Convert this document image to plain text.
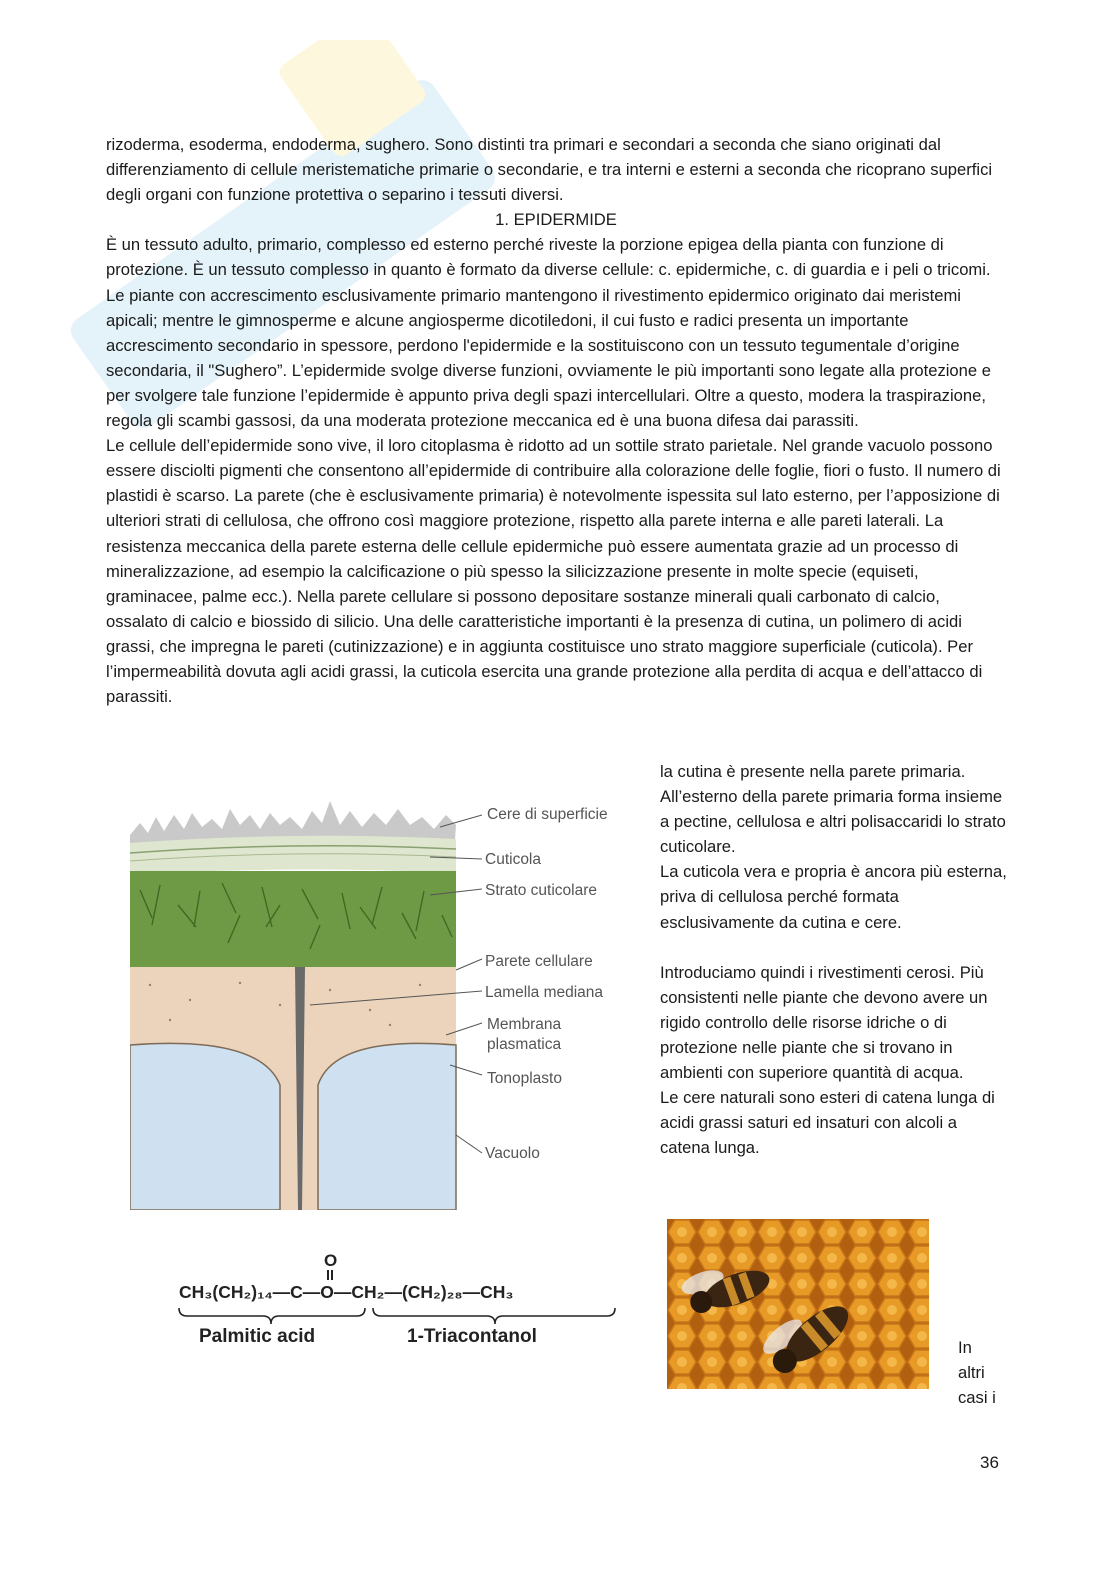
rizoderma, esoderma, endoderma, sughero. Sono distinti tra primari e secondari a seconda che siano originati dal differenziamento di cellule meristematiche primarie o secondarie, e tra interni e esterni a seconda che ricoprano superfici degli organi con funzione protettiva o separino i tessuti diversi.

1. EPIDERMIDE

È un tessuto adulto, primario, complesso ed esterno perché riveste la porzione epigea della pianta con funzione di protezione. È un tessuto complesso in quanto è formato da diverse cellule: c. epidermiche, c. di guardia e i peli o tricomi. Le piante con accrescimento esclusivamente primario mantengono il rivestimento epidermico originato dai meristemi apicali; mentre le gimnosperme e alcune angiosperme dicotiledoni, il cui fusto e radici presenta un importante accrescimento secondario in spessore, perdono l'epidermide e la sostituiscono con un tessuto tegumentale d’origine secondaria, il "Sughero”. L’epidermide svolge diverse funzioni, ovviamente le più importanti sono legate alla protezione e per svolgere tale funzione l’epidermide è appunto priva degli spazi intercellulari. Oltre a questo, modera la traspirazione, regola gli scambi gassosi, da una moderata protezione meccanica ed è una buona difesa dai parassiti.

Le cellule dell’epidermide sono vive, il loro citoplasma è ridotto ad un sottile strato parietale. Nel grande vacuolo possono essere disciolti pigmenti che consentono all’epidermide di contribuire alla colorazione delle foglie, fiori o fusto. Il numero di plastidi è scarso. La parete (che è esclusivamente primaria) è notevolmente ispessita sul lato esterno, per l’apposizione di ulteriori strati di cellulosa, che offrono così maggiore protezione, rispetto alla parete interna e alle pareti laterali. La resistenza meccanica della parete esterna delle cellule epidermiche può essere aumentata grazie ad un processo di mineralizzazione, ad esempio la calcificazione o più spesso la silicizzazione presente in molte specie (equiseti, graminacee, palme ecc.). Nella parete cellulare si possono depositare sostanze minerali quali carbonato di calcio, ossalato di calcio e biossido di silicio. Una delle caratteristiche importanti è la presenza di cutina, un polimero di acidi grassi, che impregna le pareti (cutinizzazione) e in aggiunta costituisce uno strato maggiore superficiale (cuticola). Per l’impermeabilità dovuta agli acidi grassi, la cuticola esercita una grande protezione alla perdita di acqua e dell’attacco di parassiti.

la cutina è presente nella parete primaria.

All’esterno della parete primaria forma insieme a pectine, cellulosa e altri polisaccaridi lo strato cuticolare.

La cuticola vera e propria è ancora più esterna, priva di cellulosa perché formata esclusivamente da cutina e cere.

Introduciamo quindi i rivestimenti cerosi. Più consistenti nelle piante che devono avere un rigido controllo delle risorse idriche o di protezione nelle piante che si trovano in ambienti con superiore quantità di acqua.

Le cere naturali sono esteri di catena lunga di acidi grassi saturi ed insaturi con alcoli a catena lunga.

Cere di superficie
Cuticola
Strato cuticolare
Parete cellulare
Lamella mediana
Membrana
plasmatica
Tonoplasto
Vacuolo
O
CH₃(CH₂)₁₄—C—O—CH₂—(CH₂)₂₈—CH₃
Palmitic acid	1-Triacontanol

In

altri

casi i

36
